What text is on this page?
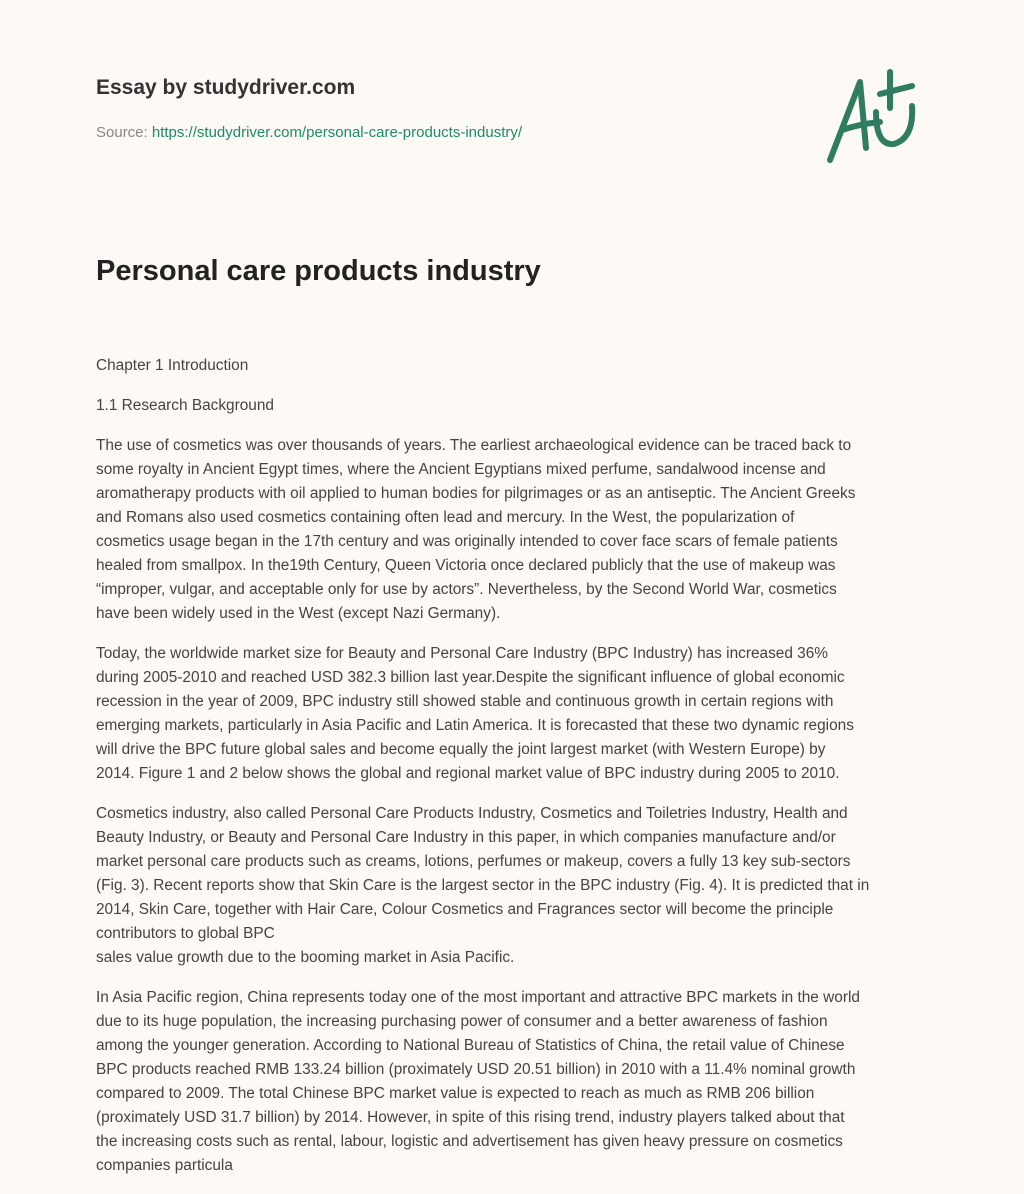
Essay by studydriver.com
Source: https://studydriver.com/personal-care-products-industry/
Personal care products industry

Chapter 1 Introduction

1.1 Research Background

The use of cosmetics was over thousands of years. The earliest archaeological evidence can be traced back to
some royalty in Ancient Egypt times, where the Ancient Egyptians mixed perfume, sandalwood incense and
aromatherapy products with oil applied to human bodies for pilgrimages or as an antiseptic. The Ancient Greeks
and Romans also used cosmetics containing often lead and mercury. In the West, the popularization of
cosmetics usage began in the 17th century and was originally intended to cover face scars of female patients
healed from smallpox. In the19th Century, Queen Victoria once declared publicly that the use of makeup was
“improper, vulgar, and acceptable only for use by actors”. Nevertheless, by the Second World War, cosmetics
have been widely used in the West (except Nazi Germany).

Today, the worldwide market size for Beauty and Personal Care Industry (BPC Industry) has increased 36%
during 2005-2010 and reached USD 382.3 billion last year.Despite the significant influence of global economic
recession in the year of 2009, BPC industry still showed stable and continuous growth in certain regions with
emerging markets, particularly in Asia Pacific and Latin America. It is forecasted that these two dynamic regions
will drive the BPC future global sales and become equally the joint largest market (with Western Europe) by
2014. Figure 1 and 2 below shows the global and regional market value of BPC industry during 2005 to 2010.

Cosmetics industry, also called Personal Care Products Industry, Cosmetics and Toiletries Industry, Health and
Beauty Industry, or Beauty and Personal Care Industry in this paper, in which companies manufacture and/or
market personal care products such as creams, lotions, perfumes or makeup, covers a fully 13 key sub-sectors
(Fig. 3). Recent reports show that Skin Care is the largest sector in the BPC industry (Fig. 4). It is predicted that in
2014, Skin Care, together with Hair Care, Colour Cosmetics and Fragrances sector will become the principle
contributors to global BPC
sales value growth due to the booming market in Asia Pacific.

In Asia Pacific region, China represents today one of the most important and attractive BPC markets in the world
due to its huge population, the increasing purchasing power of consumer and a better awareness of fashion
among the younger generation. According to National Bureau of Statistics of China, the retail value of Chinese
BPC products reached RMB 133.24 billion (proximately USD 20.51 billion) in 2010 with a 11.4% nominal growth
compared to 2009. The total Chinese BPC market value is expected to reach as much as RMB 206 billion
(proximately USD 31.7 billion) by 2014. However, in spite of this rising trend, industry players talked about that
the increasing costs such as rental, labour, logistic and advertisement has given heavy pressure on cosmetics
companies particula
